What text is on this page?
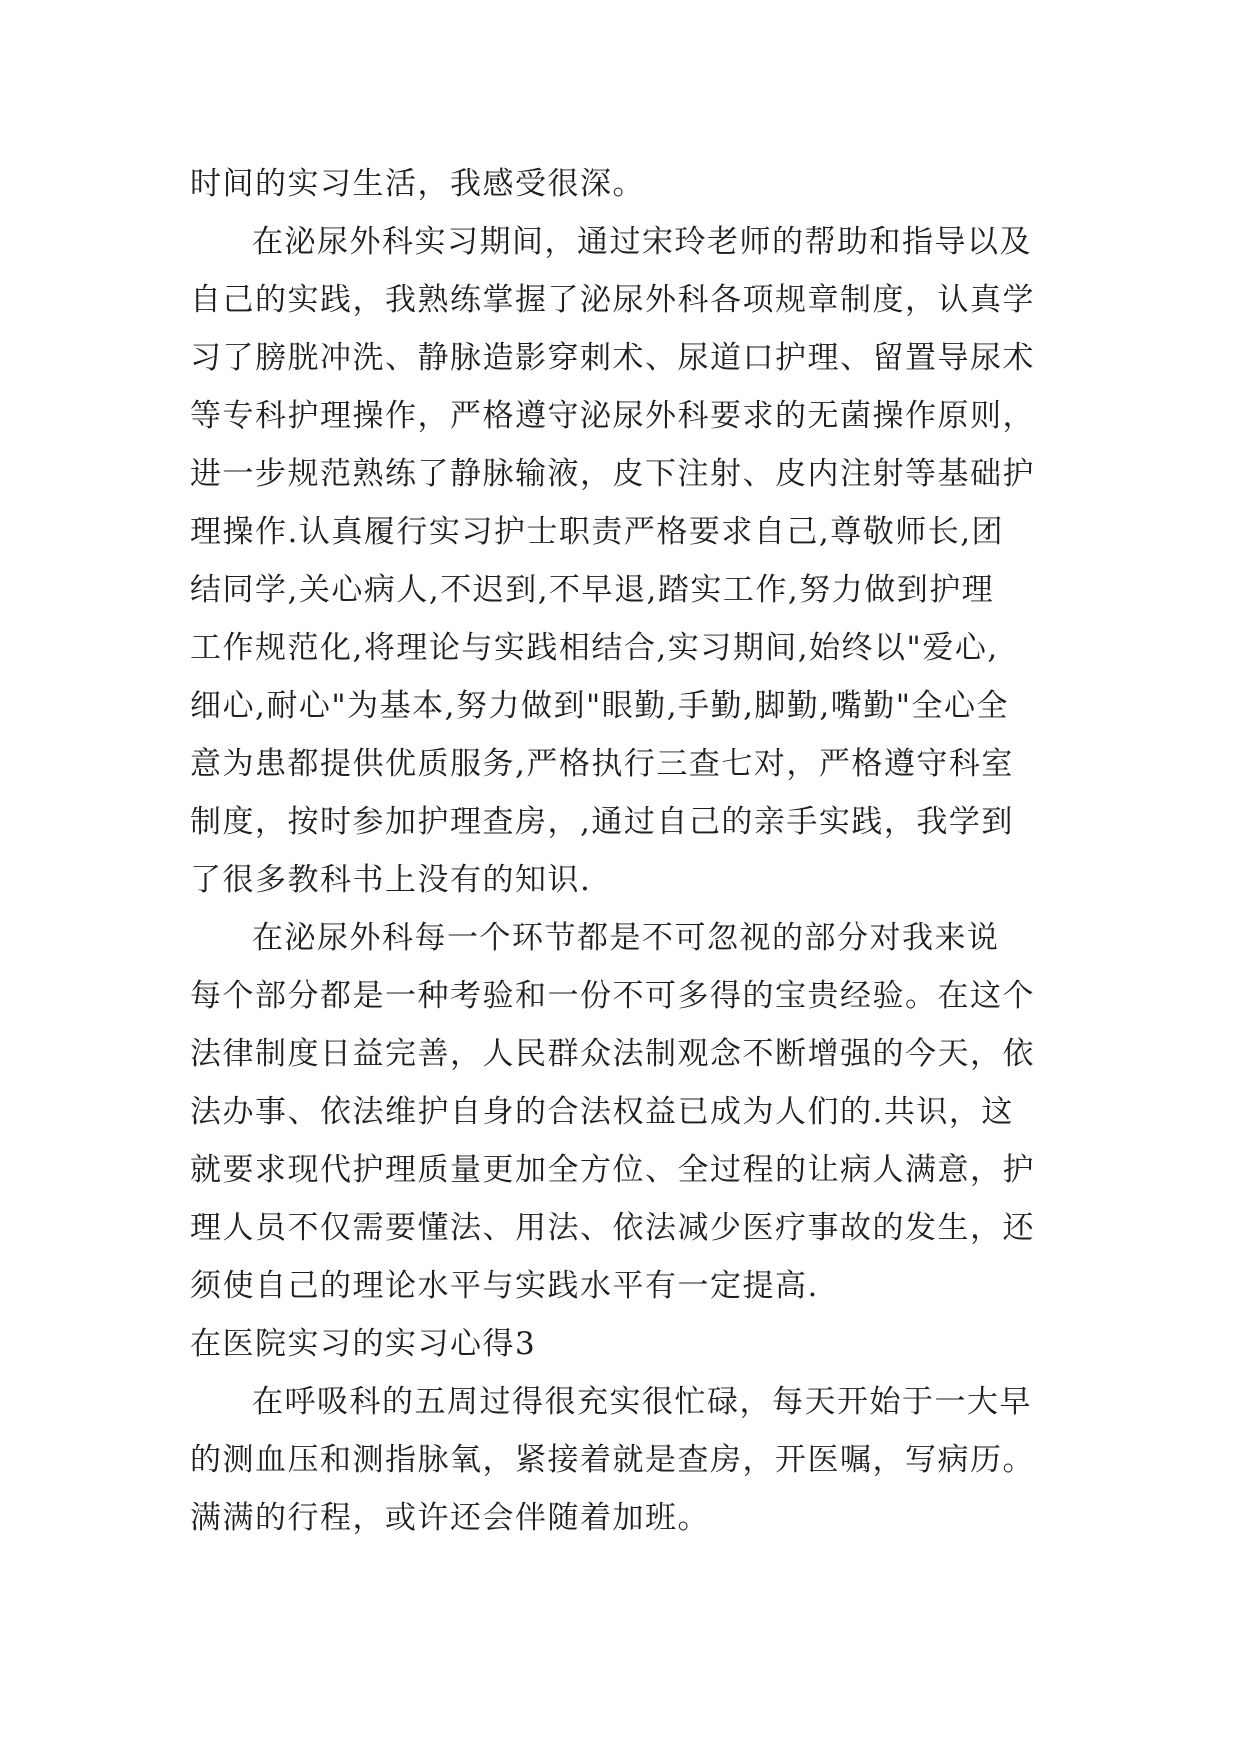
时间的实习生活，我感受很深。
在泌尿外科实习期间，通过宋玲老师的帮助和指导以及
自己的实践，我熟练掌握了泌尿外科各项规章制度，认真学
习了膀胱冲洗、静脉造影穿刺术、尿道口护理、留置导尿术
等专科护理操作，严格遵守泌尿外科要求的无菌操作原则，
进一步规范熟练了静脉输液，皮下注射、皮内注射等基础护
理操作.认真履行实习护士职责严格要求自己,尊敬师长,团
结同学,关心病人,不迟到,不早退,踏实工作,努力做到护理
工作规范化,将理论与实践相结合,实习期间,始终以"爱心,
细心,耐心"为基本,努力做到"眼勤,手勤,脚勤,嘴勤"全心全
意为患都提供优质服务,严格执行三查七对，严格遵守科室
制度，按时参加护理查房，,通过自己的亲手实践，我学到
了很多教科书上没有的知识.
在泌尿外科每一个环节都是不可忽视的部分对我来说
每个部分都是一种考验和一份不可多得的宝贵经验。在这个
法律制度日益完善，人民群众法制观念不断增强的今天，依
法办事、依法维护自身的合法权益已成为人们的.共识，这
就要求现代护理质量更加全方位、全过程的让病人满意，护
理人员不仅需要懂法、用法、依法减少医疗事故的发生，还
须使自己的理论水平与实践水平有一定提高.
在医院实习的实习心得3
在呼吸科的五周过得很充实很忙碌，每天开始于一大早
的测血压和测指脉氧，紧接着就是查房，开医嘱，写病历。
满满的行程，或许还会伴随着加班。
